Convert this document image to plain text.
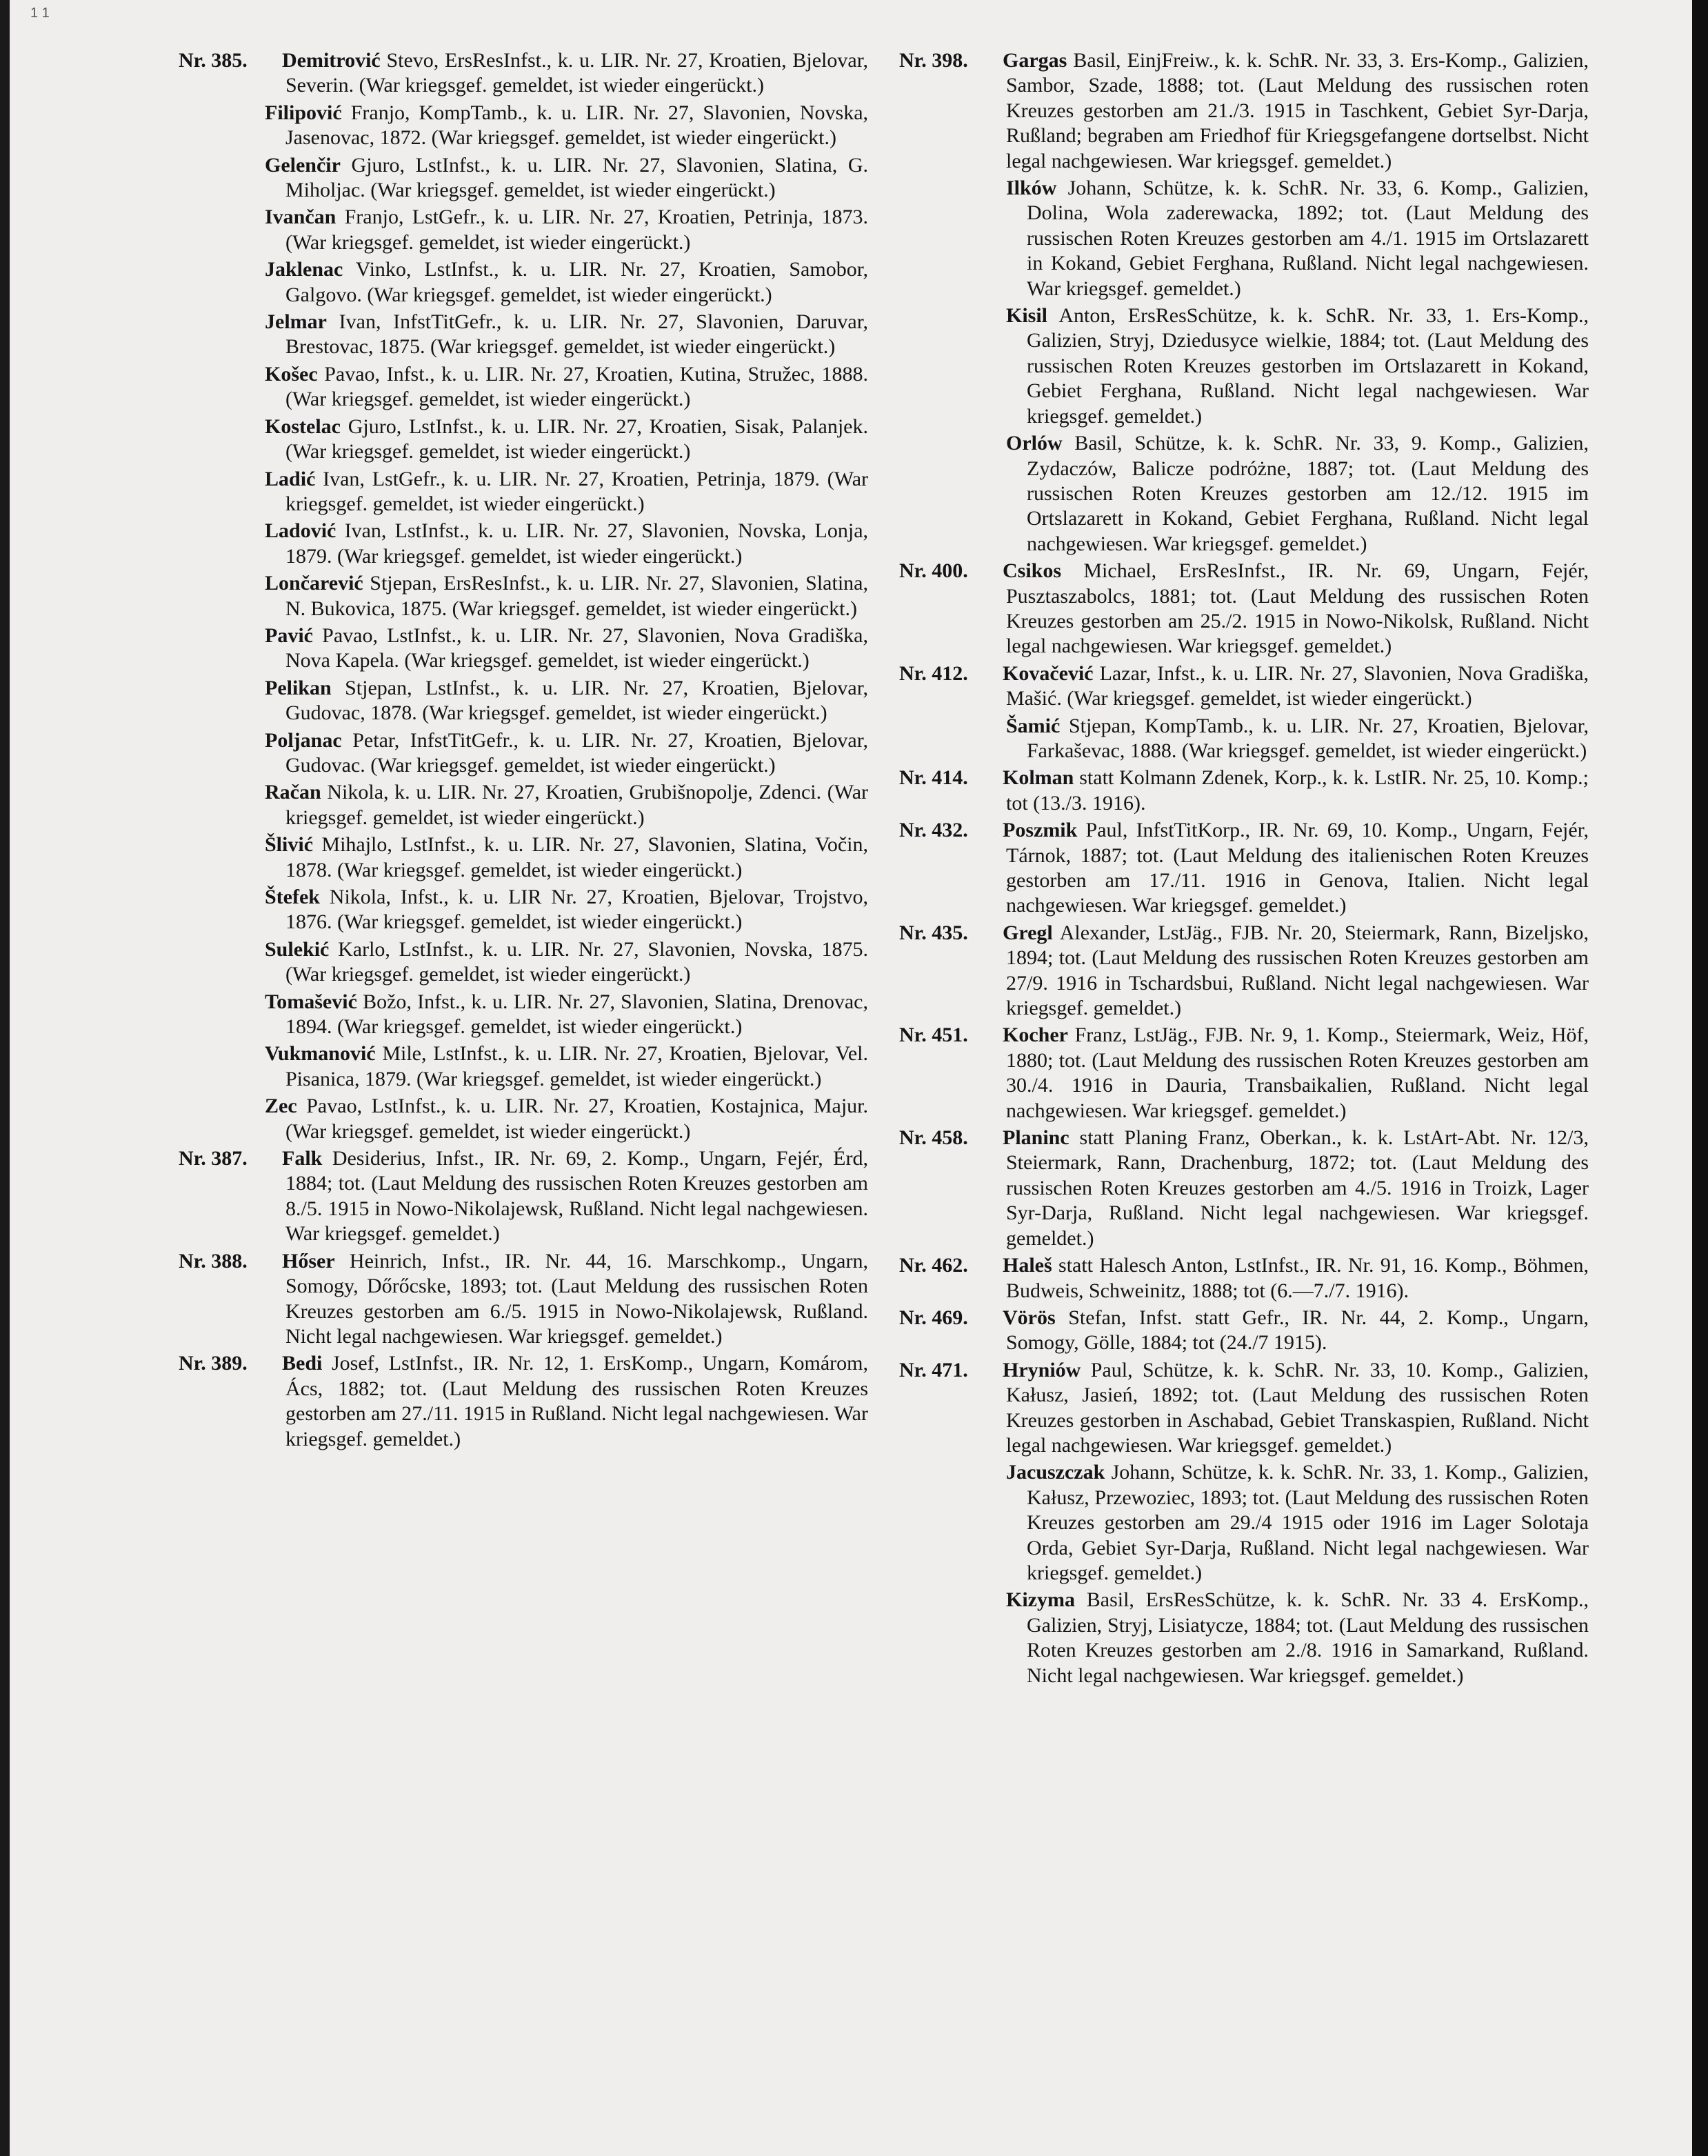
1 1
Nr. 385. Demitrović Stevo, ErsResInfst., k. u. LIR. Nr. 27, Kroatien, Bjelovar, Severin. (War kriegsgef. gemeldet, ist wieder eingerückt.)
Filipović Franjo, KompTamb., k. u. LIR. Nr. 27, Slavonien, Novska, Jasenovac, 1872. (War kriegsgef. gemeldet, ist wieder eingerückt.)
Gelenčir Gjuro, LstInfst., k. u. LIR. Nr. 27, Slavonien, Slatina, G. Miholjac. (War kriegsgef. gemeldet, ist wieder eingerückt.)
Ivančan Franjo, LstGefr., k. u. LIR. Nr. 27, Kroatien, Petrinja, 1873. (War kriegsgef. gemeldet, ist wieder eingerückt.)
Jaklenac Vinko, LstInfst., k. u. LIR. Nr. 27, Kroatien, Samobor, Galgovo. (War kriegsgef. gemeldet, ist wieder eingerückt.)
Jelmar Ivan, InfstTitGefr., k. u. LIR. Nr. 27, Slavonien, Daruvar, Brestovac, 1875. (War kriegsgef. gemeldet, ist wieder eingerückt.)
Košec Pavao, Infst., k. u. LIR. Nr. 27, Kroatien, Kutina, Stružec, 1888. (War kriegsgef. gemeldet, ist wieder eingerückt.)
Kostelac Gjuro, LstInfst., k. u. LIR. Nr. 27, Kroatien, Sisak, Palanjek. (War kriegsgef. gemeldet, ist wieder eingerückt.)
Ladić Ivan, LstGefr., k. u. LIR. Nr. 27, Kroatien, Petrinja, 1879. (War kriegsgef. gemeldet, ist wieder eingerückt.)
Ladović Ivan, LstInfst., k. u. LIR. Nr. 27, Slavonien, Novska, Lonja, 1879. (War kriegsgef. gemeldet, ist wieder eingerückt.)
Lončarević Stjepan, ErsResInfst., k. u. LIR. Nr. 27, Slavonien, Slatina, N. Bukovica, 1875. (War kriegsgef. gemeldet, ist wieder eingerückt.)
Pavić Pavao, LstInfst., k. u. LIR. Nr. 27, Slavonien, Nova Gradiška, Nova Kapela. (War kriegsgef. gemeldet, ist wieder eingerückt.)
Pelikan Stjepan, LstInfst., k. u. LIR. Nr. 27, Kroatien, Bjelovar, Gudovac, 1878. (War kriegsgef. gemeldet, ist wieder eingerückt.)
Poljanac Petar, InfstTitGefr., k. u. LIR. Nr. 27, Kroatien, Bjelovar, Gudovac. (War kriegsgef. gemeldet, ist wieder eingerückt.)
Račan Nikola, k. u. LIR. Nr. 27, Kroatien, Grubišnopolje, Zdenci. (War kriegsgef. gemeldet, ist wieder eingerückt.)
Šlivić Mihajlo, LstInfst., k. u. LIR. Nr. 27, Slavonien, Slatina, Vočin, 1878. (War kriegsgef. gemeldet, ist wieder eingerückt.)
Štefek Nikola, Infst., k. u. LIR Nr. 27, Kroatien, Bjelovar, Trojstvo, 1876. (War kriegsgef. gemeldet, ist wieder eingerückt.)
Sulekić Karlo, LstInfst., k. u. LIR. Nr. 27, Slavonien, Novska, 1875. (War kriegsgef. gemeldet, ist wieder eingerückt.)
Tomašević Božo, Infst., k. u. LIR. Nr. 27, Slavonien, Slatina, Drenovac, 1894. (War kriegsgef. gemeldet, ist wieder eingerückt.)
Vukmanović Mile, LstInfst., k. u. LIR. Nr. 27, Kroatien, Bjelovar, Vel. Pisanica, 1879. (War kriegsgef. gemeldet, ist wieder eingerückt.)
Zec Pavao, LstInfst., k. u. LIR. Nr. 27, Kroatien, Kostajnica, Majur. (War kriegsgef. gemeldet, ist wieder eingerückt.)
Nr. 387. Falk Desiderius, Infst., IR. Nr. 69, 2. Komp., Ungarn, Fejér, Érd, 1884; tot. (Laut Meldung des russischen Roten Kreuzes gestorben am 8./5. 1915 in Nowo-Nikolajewsk, Rußland. Nicht legal nachgewiesen. War kriegsgef. gemeldet.)
Nr. 388. Hőser Heinrich, Infst., IR. Nr. 44, 16. Marschkomp., Ungarn, Somogy, Dőrőcske, 1893; tot. (Laut Meldung des russischen Roten Kreuzes gestorben am 6./5. 1915 in Nowo-Nikolajewsk, Rußland. Nicht legal nachgewiesen. War kriegsgef. gemeldet.)
Nr. 389. Bedi Josef, LstInfst., IR. Nr. 12, 1. ErsKomp., Ungarn, Komárom, Ács, 1882; tot. (Laut Meldung des russischen Roten Kreuzes gestorben am 27./11. 1915 in Rußland. Nicht legal nachgewiesen. War kriegsgef. gemeldet.)
Nr. 398. Gargas Basil, EinjFreiw., k. k. SchR. Nr. 33, 3. Ers-Komp., Galizien, Sambor, Szade, 1888; tot. (Laut Meldung des russischen roten Kreuzes gestorben am 21./3. 1915 in Taschkent, Gebiet Syr-Darja, Rußland; begraben am Friedhof für Kriegsgefangene dortselbst. Nicht legal nachgewiesen. War kriegsgef. gemeldet.)
Ilków Johann, Schütze, k. k. SchR. Nr. 33, 6. Komp., Galizien, Dolina, Wola zaderewacka, 1892; tot. (Laut Meldung des russischen Roten Kreuzes gestorben am 4./1. 1915 im Ortslazarett in Kokand, Gebiet Ferghana, Rußland. Nicht legal nachgewiesen. War kriegsgef. gemeldet.)
Kisil Anton, ErsResSchütze, k. k. SchR. Nr. 33, 1. Ers-Komp., Galizien, Stryj, Dziedusyce wielkie, 1884; tot. (Laut Meldung des russischen Roten Kreuzes gestorben im Ortslazarett in Kokand, Gebiet Ferghana, Rußland. Nicht legal nachgewiesen. War kriegsgef. gemeldet.)
Orlów Basil, Schütze, k. k. SchR. Nr. 33, 9. Komp., Galizien, Zydaczów, Balicze podróżne, 1887; tot. (Laut Meldung des russischen Roten Kreuzes gestorben am 12./12. 1915 im Ortslazarett in Kokand, Gebiet Ferghana, Rußland. Nicht legal nachgewiesen. War kriegsgef. gemeldet.)
Nr. 400. Csikos Michael, ErsResInfst., IR. Nr. 69, Ungarn, Fejér, Pusztaszabolcs, 1881; tot. (Laut Meldung des russischen Roten Kreuzes gestorben am 25./2. 1915 in Nowo-Nikolsk, Rußland. Nicht legal nachgewiesen. War kriegsgef. gemeldet.)
Nr. 412. Kovačević Lazar, Infst., k. u. LIR. Nr. 27, Slavonien, Nova Gradiška, Mašić. (War kriegsgef. gemeldet, ist wieder eingerückt.)
Šamić Stjepan, KompTamb., k. u. LIR. Nr. 27, Kroatien, Bjelovar, Farkaševac, 1888. (War kriegsgef. gemeldet, ist wieder eingerückt.)
Nr. 414. Kolman statt Kolmann Zdenek, Korp., k. k. LstIR. Nr. 25, 10. Komp.; tot (13./3. 1916).
Nr. 432. Poszmik Paul, InfstTitKorp., IR. Nr. 69, 10. Komp., Ungarn, Fejér, Tárnok, 1887; tot. (Laut Meldung des italienischen Roten Kreuzes gestorben am 17./11. 1916 in Genova, Italien. Nicht legal nachgewiesen. War kriegsgef. gemeldet.)
Nr. 435. Gregl Alexander, LstJäg., FJB. Nr. 20, Steiermark, Rann, Bizeljsko, 1894; tot. (Laut Meldung des russischen Roten Kreuzes gestorben am 27/9. 1916 in Tschardsbui, Rußland. Nicht legal nachgewiesen. War kriegsgef. gemeldet.)
Nr. 451. Kocher Franz, LstJäg., FJB. Nr. 9, 1. Komp., Steiermark, Weiz, Höf, 1880; tot. (Laut Meldung des russischen Roten Kreuzes gestorben am 30./4. 1916 in Dauria, Transbaikalien, Rußland. Nicht legal nachgewiesen. War kriegsgef. gemeldet.)
Nr. 458. Planinc statt Planing Franz, Oberkan., k. k. LstArt-Abt. Nr. 12/3, Steiermark, Rann, Drachenburg, 1872; tot. (Laut Meldung des russischen Roten Kreuzes gestorben am 4./5. 1916 in Troizk, Lager Syr-Darja, Rußland. Nicht legal nachgewiesen. War kriegsgef. gemeldet.)
Nr. 462. Haleš statt Halesch Anton, LstInfst., IR. Nr. 91, 16. Komp., Böhmen, Budweis, Schweinitz, 1888; tot (6.—7./7. 1916).
Nr. 469. Vörös Stefan, Infst. statt Gefr., IR. Nr. 44, 2. Komp., Ungarn, Somogy, Gölle, 1884; tot (24./7 1915).
Nr. 471. Hryniów Paul, Schütze, k. k. SchR. Nr. 33, 10. Komp., Galizien, Kałusz, Jasień, 1892; tot. (Laut Meldung des russischen Roten Kreuzes gestorben in Aschabad, Gebiet Transkaspien, Rußland. Nicht legal nachgewiesen. War kriegsgef. gemeldet.)
Jacuszczak Johann, Schütze, k. k. SchR. Nr. 33, 1. Komp., Galizien, Kałusz, Przewoziec, 1893; tot. (Laut Meldung des russischen Roten Kreuzes gestorben am 29./4 1915 oder 1916 im Lager Solotaja Orda, Gebiet Syr-Darja, Rußland. Nicht legal nachgewiesen. War kriegsgef. gemeldet.)
Kizyma Basil, ErsResSchütze, k. k. SchR. Nr. 33 4. ErsKomp., Galizien, Stryj, Lisiatycze, 1884; tot. (Laut Meldung des russischen Roten Kreuzes gestorben am 2./8. 1916 in Samarkand, Rußland. Nicht legal nachgewiesen. War kriegsgef. gemeldet.)
